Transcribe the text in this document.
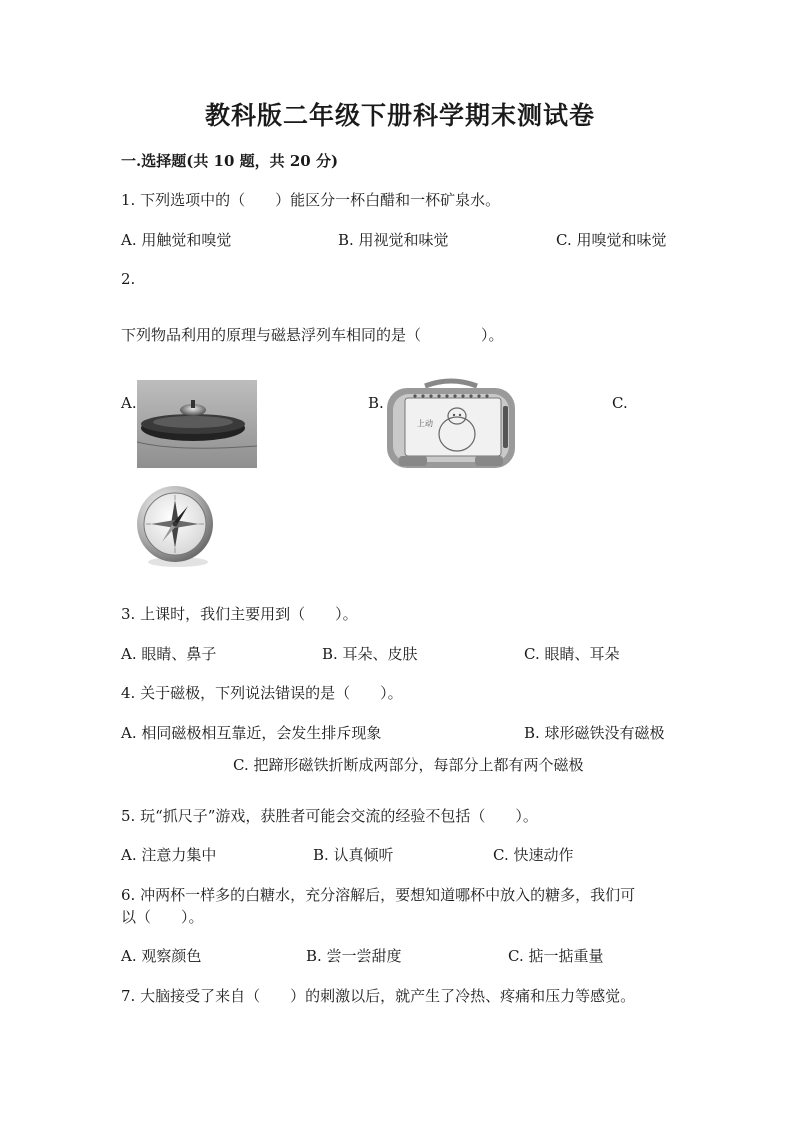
教科版二年级下册科学期末测试卷
一.选择题(共 10 题，共 20 分)
1. 下列选项中的（　　）能区分一杯白醋和一杯矿泉水。
A. 用触觉和嗅觉	B. 用视觉和味觉	C. 用嗅觉和味觉
2.
下列物品利用的原理与磁悬浮列车相同的是（　　　　）。
A.	B.
上动
C.
3. 上课时，我们主要用到（　　）。
A. 眼睛、鼻子	B. 耳朵、皮肤	C. 眼睛、耳朵
4. 关于磁极，下列说法错误的是（　　）。
A. 相同磁极相互靠近，会发生排斥现象	B. 球形磁铁没有磁极
C. 把蹄形磁铁折断成两部分，每部分上都有两个磁极
5. 玩“抓尺子”游戏，获胜者可能会交流的经验不包括（　　）。
A. 注意力集中	B. 认真倾听	C. 快速动作
6. 冲两杯一样多的白糖水，充分溶解后，要想知道哪杯中放入的糖多，我们可
以（　　）。
A. 观察颜色	B. 尝一尝甜度	C. 掂一掂重量
7. 大脑接受了来自（　　）的刺激以后，就产生了冷热、疼痛和压力等感觉。
